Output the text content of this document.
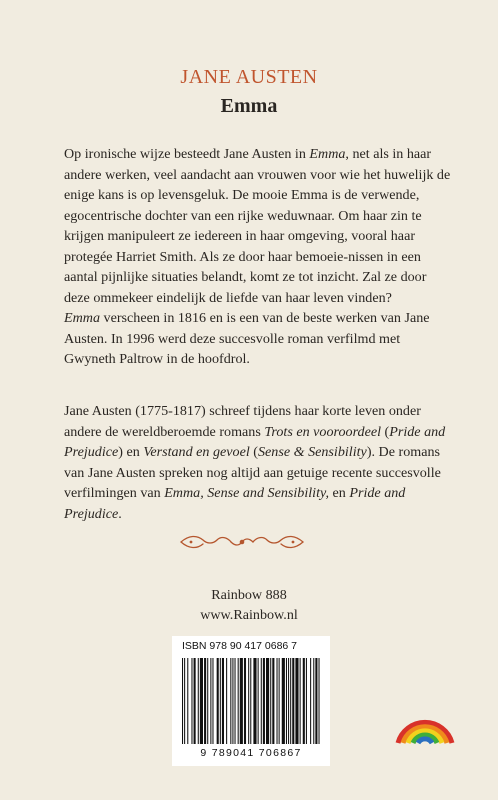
JANE AUSTEN
Emma

Op ironische wijze besteedt Jane Austen in Emma, net als in haar andere werken, veel aandacht aan vrouwen voor wie het huwelijk de enige kans is op levensgeluk. De mooie Emma is de verwende, egocentrische dochter van een rijke weduwnaar. Om haar zin te krijgen manipuleert ze iedereen in haar omgeving, vooral haar protegée Harriet Smith. Als ze door haar bemoeie-nissen in een aantal pijnlijke situaties belandt, komt ze tot inzicht. Zal ze door deze ommekeer eindelijk de liefde van haar leven vinden?

Emma verscheen in 1816 en is een van de beste werken van Jane Austen. In 1996 werd deze succesvolle roman verfilmd met Gwyneth Paltrow in de hoofdrol.

Jane Austen (1775-1817) schreef tijdens haar korte leven onder andere de wereldberoemde romans Trots en vooroordeel (Pride and Prejudice) en Verstand en gevoel (Sense & Sensibility). De romans van Jane Austen spreken nog altijd aan getuige recente succesvolle verfilmingen van Emma, Sense and Sensibility, en Pride and Prejudice.

Rainbow 888
www.Rainbow.nl
ISBN 978 90 417 0686 7
9 789041 706867
